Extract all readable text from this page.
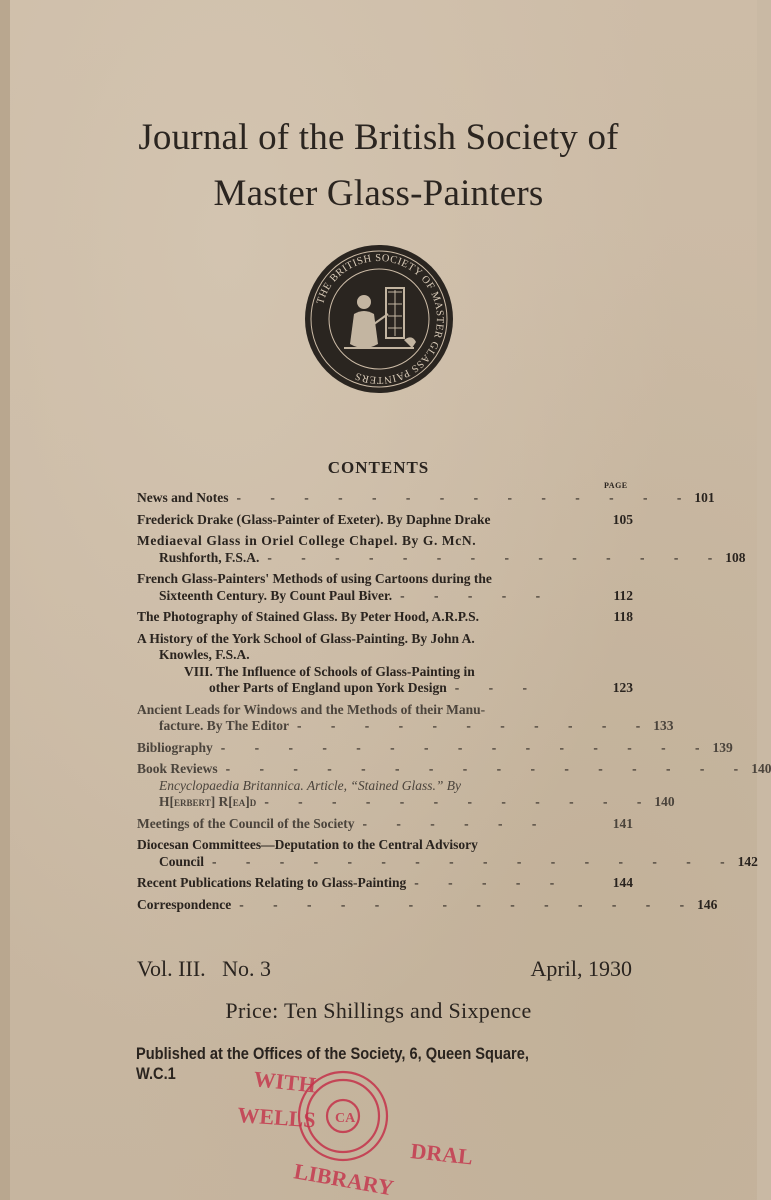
Journal of the British Society of
Master Glass-Painters
THE BRITISH SOCIETY OF MASTER GLASS PAINTERS
CONTENTS
PAGE
News and Notes - - - - - - - - - - - - - - 101
Frederick Drake (Glass-Painter of Exeter). By Daphne Drake	105
Mediaeval Glass in Oriel College Chapel. By G. McN.
Rushforth, F.S.A. - - - - - - - - - - - - - - 108
French Glass-Painters' Methods of using Cartoons during the
Sixteenth Century. By Count Paul Biver. - - - - -	112
The Photography of Stained Glass. By Peter Hood, A.R.P.S.	118
A History of the York School of Glass-Painting. By John A.
Knowles, F.S.A.
VIII. The Influence of Schools of Glass-Painting in
other Parts of England upon York Design - - -	123
Ancient Leads for Windows and the Methods of their Manu-
facture. By The Editor - - - - - - - - - - - 133
Bibliography - - - - - - - - - - - - - - - 139
Book Reviews - - - - - - - - - - - - - - - - 140
Encyclopaedia Britannica. Article, “Stained Glass.” By
H[erbert] R[ea]d - - - - - - - - - - - - 140
Meetings of the Council of the Society - - - - - -	141
Diocesan Committees—Deputation to the Central Advisory
Council - - - - - - - - - - - - - - - - 142
Recent Publications Relating to Glass-Painting - - - - -	144
Correspondence - - - - - - - - - - - - - - 146
Vol. III. No. 3	April, 1930
Price: Ten Shillings and Sixpence
Published at the Offices of the Society, 6, Queen Square, W.C.1	WITH
WELLS
DRAL
LIBRARY
CA
